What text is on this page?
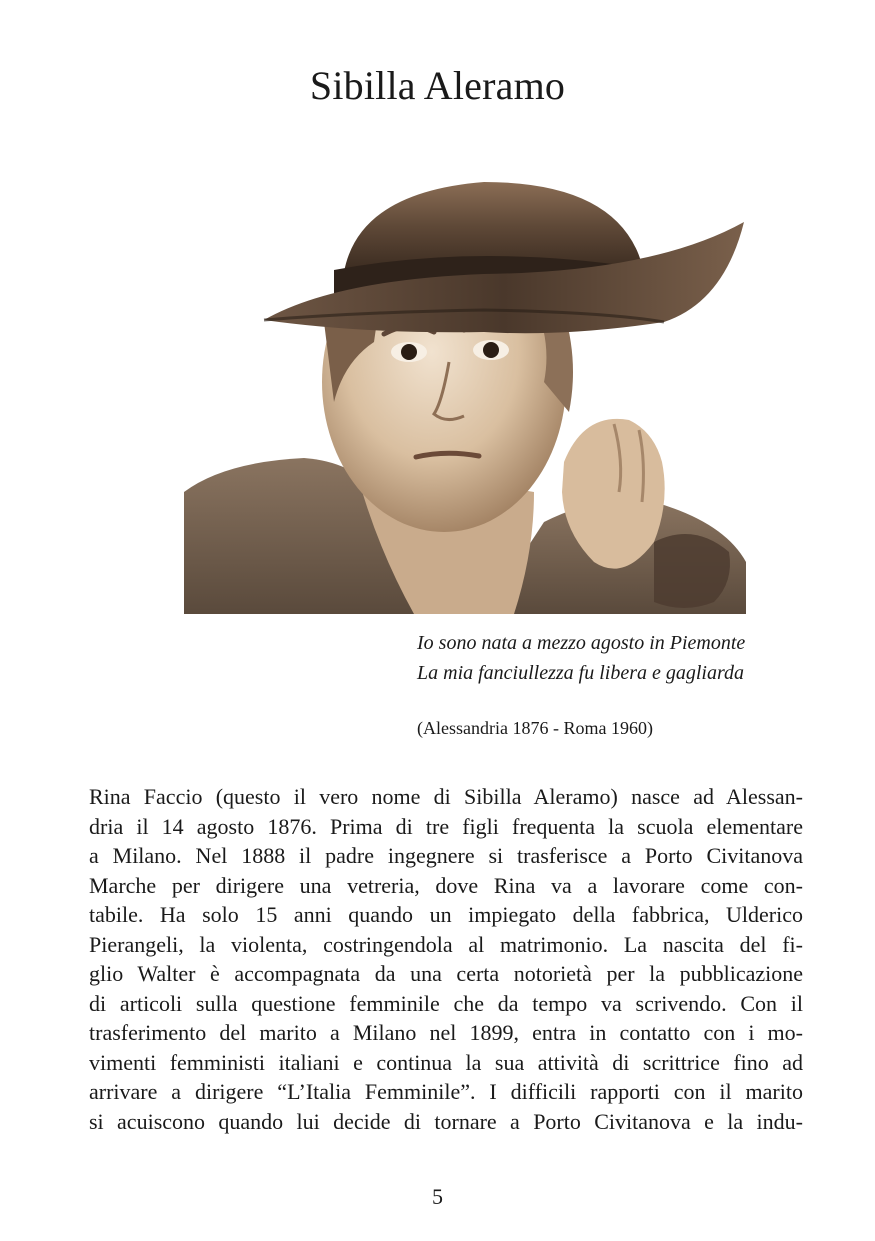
Sibilla Aleramo
Io sono nata a mezzo agosto in Piemonte
La mia fanciullezza fu libera e gagliarda
(Alessandria 1876 - Roma 1960)
Rina Faccio (questo il vero nome di Sibilla Aleramo) nasce ad Alessan-
dria il 14 agosto 1876. Prima di tre figli frequenta la scuola elementare
a Milano. Nel 1888 il padre ingegnere si trasferisce a Porto Civitanova
Marche per dirigere una vetreria, dove Rina va a lavorare come con-
tabile. Ha solo 15 anni quando un impiegato della fabbrica, Ulderico
Pierangeli, la violenta, costringendola al matrimonio. La nascita del fi-
glio Walter è accompagnata da una certa notorietà per la pubblicazione
di articoli sulla questione femminile che da tempo va scrivendo. Con il
trasferimento del marito a Milano nel 1899, entra in contatto con i mo-
vimenti femministi italiani e continua la sua attività di scrittrice fino ad
arrivare a dirigere “L’Italia Femminile”. I difficili rapporti con il marito
si acuiscono quando lui decide di tornare a Porto Civitanova e la indu-
5
